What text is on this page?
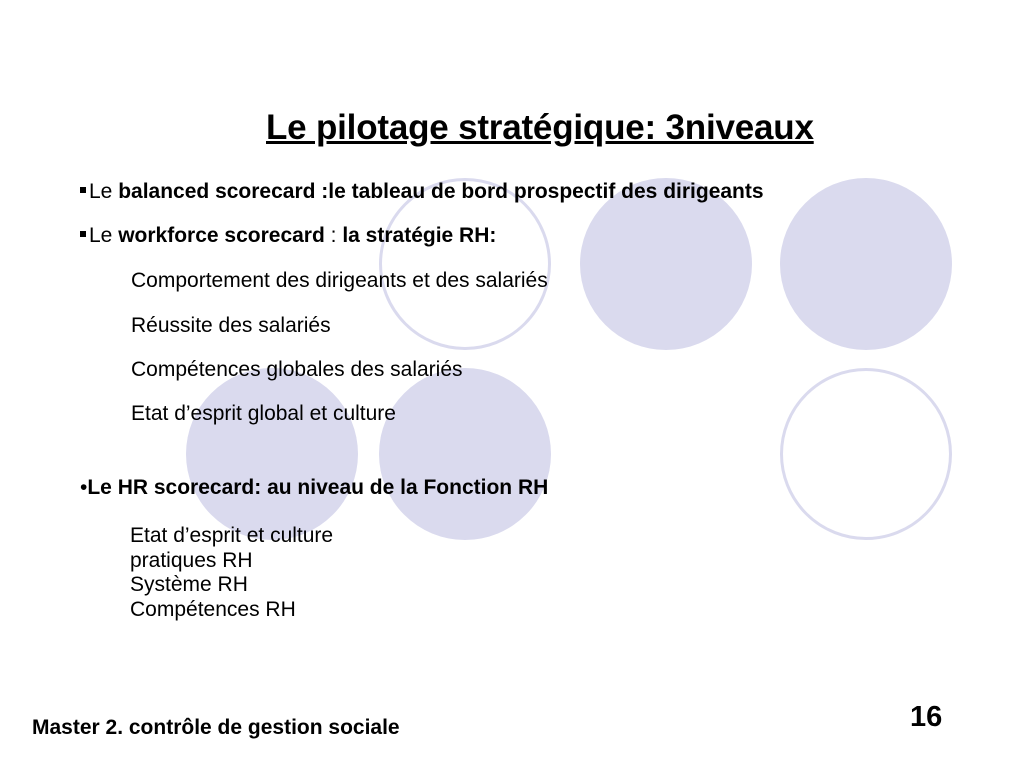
Le pilotage stratégique: 3niveaux
Le balanced scorecard :le tableau de bord prospectif des dirigeants
Le workforce scorecard : la stratégie RH:
Comportement des dirigeants et des salariés
Réussite des salariés
Compétences globales des salariés
Etat d’esprit global et culture
•Le HR scorecard: au niveau de la Fonction RH
Etat d’esprit et culture
pratiques RH
Système RH
Compétences RH
Master 2. contrôle de gestion sociale	16
